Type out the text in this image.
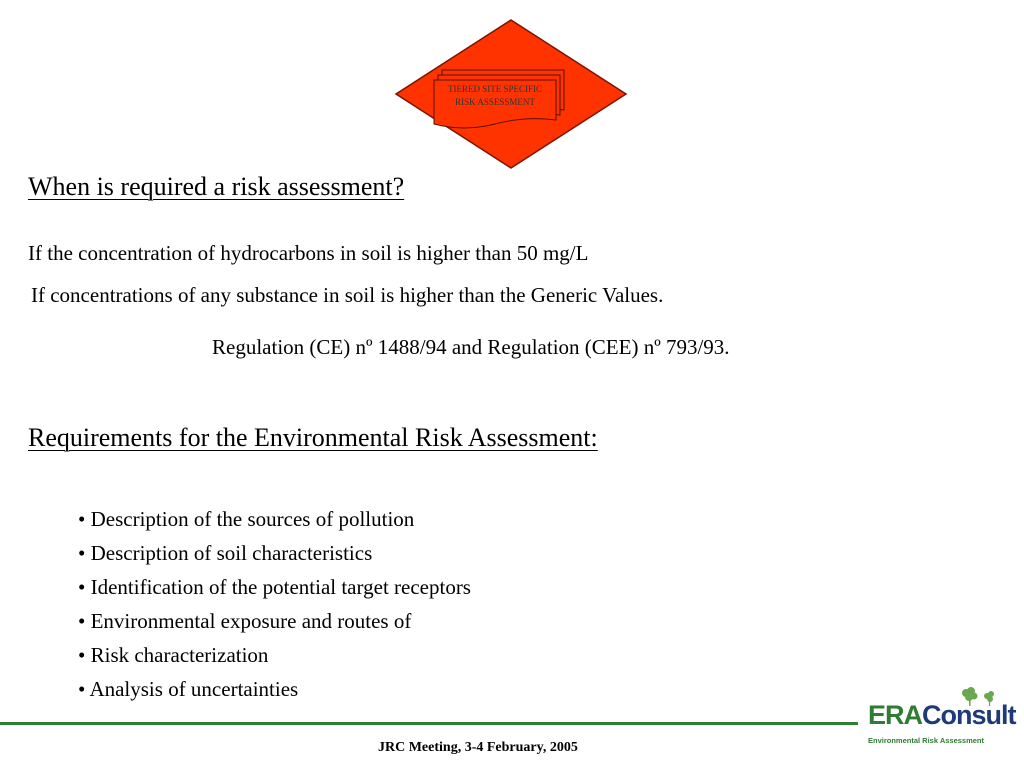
TIERED SITE SPECIFIC
RISK ASSESSMENT
When is required a risk assessment?
If the concentration of hydrocarbons in soil is higher than 50 mg/L
If concentrations of any substance in soil is higher than the Generic Values.
Regulation (CE) nº 1488/94 and Regulation (CEE) nº 793/93.
Requirements for the Environmental Risk Assessment:
• Description of the sources of pollution
• Description of soil characteristics
• Identification of the potential target receptors
• Environmental exposure and routes of
• Risk characterization
• Analysis of uncertainties
JRC Meeting, 3-4 February, 2005
ERAConsult
Environmental Risk Assessment
